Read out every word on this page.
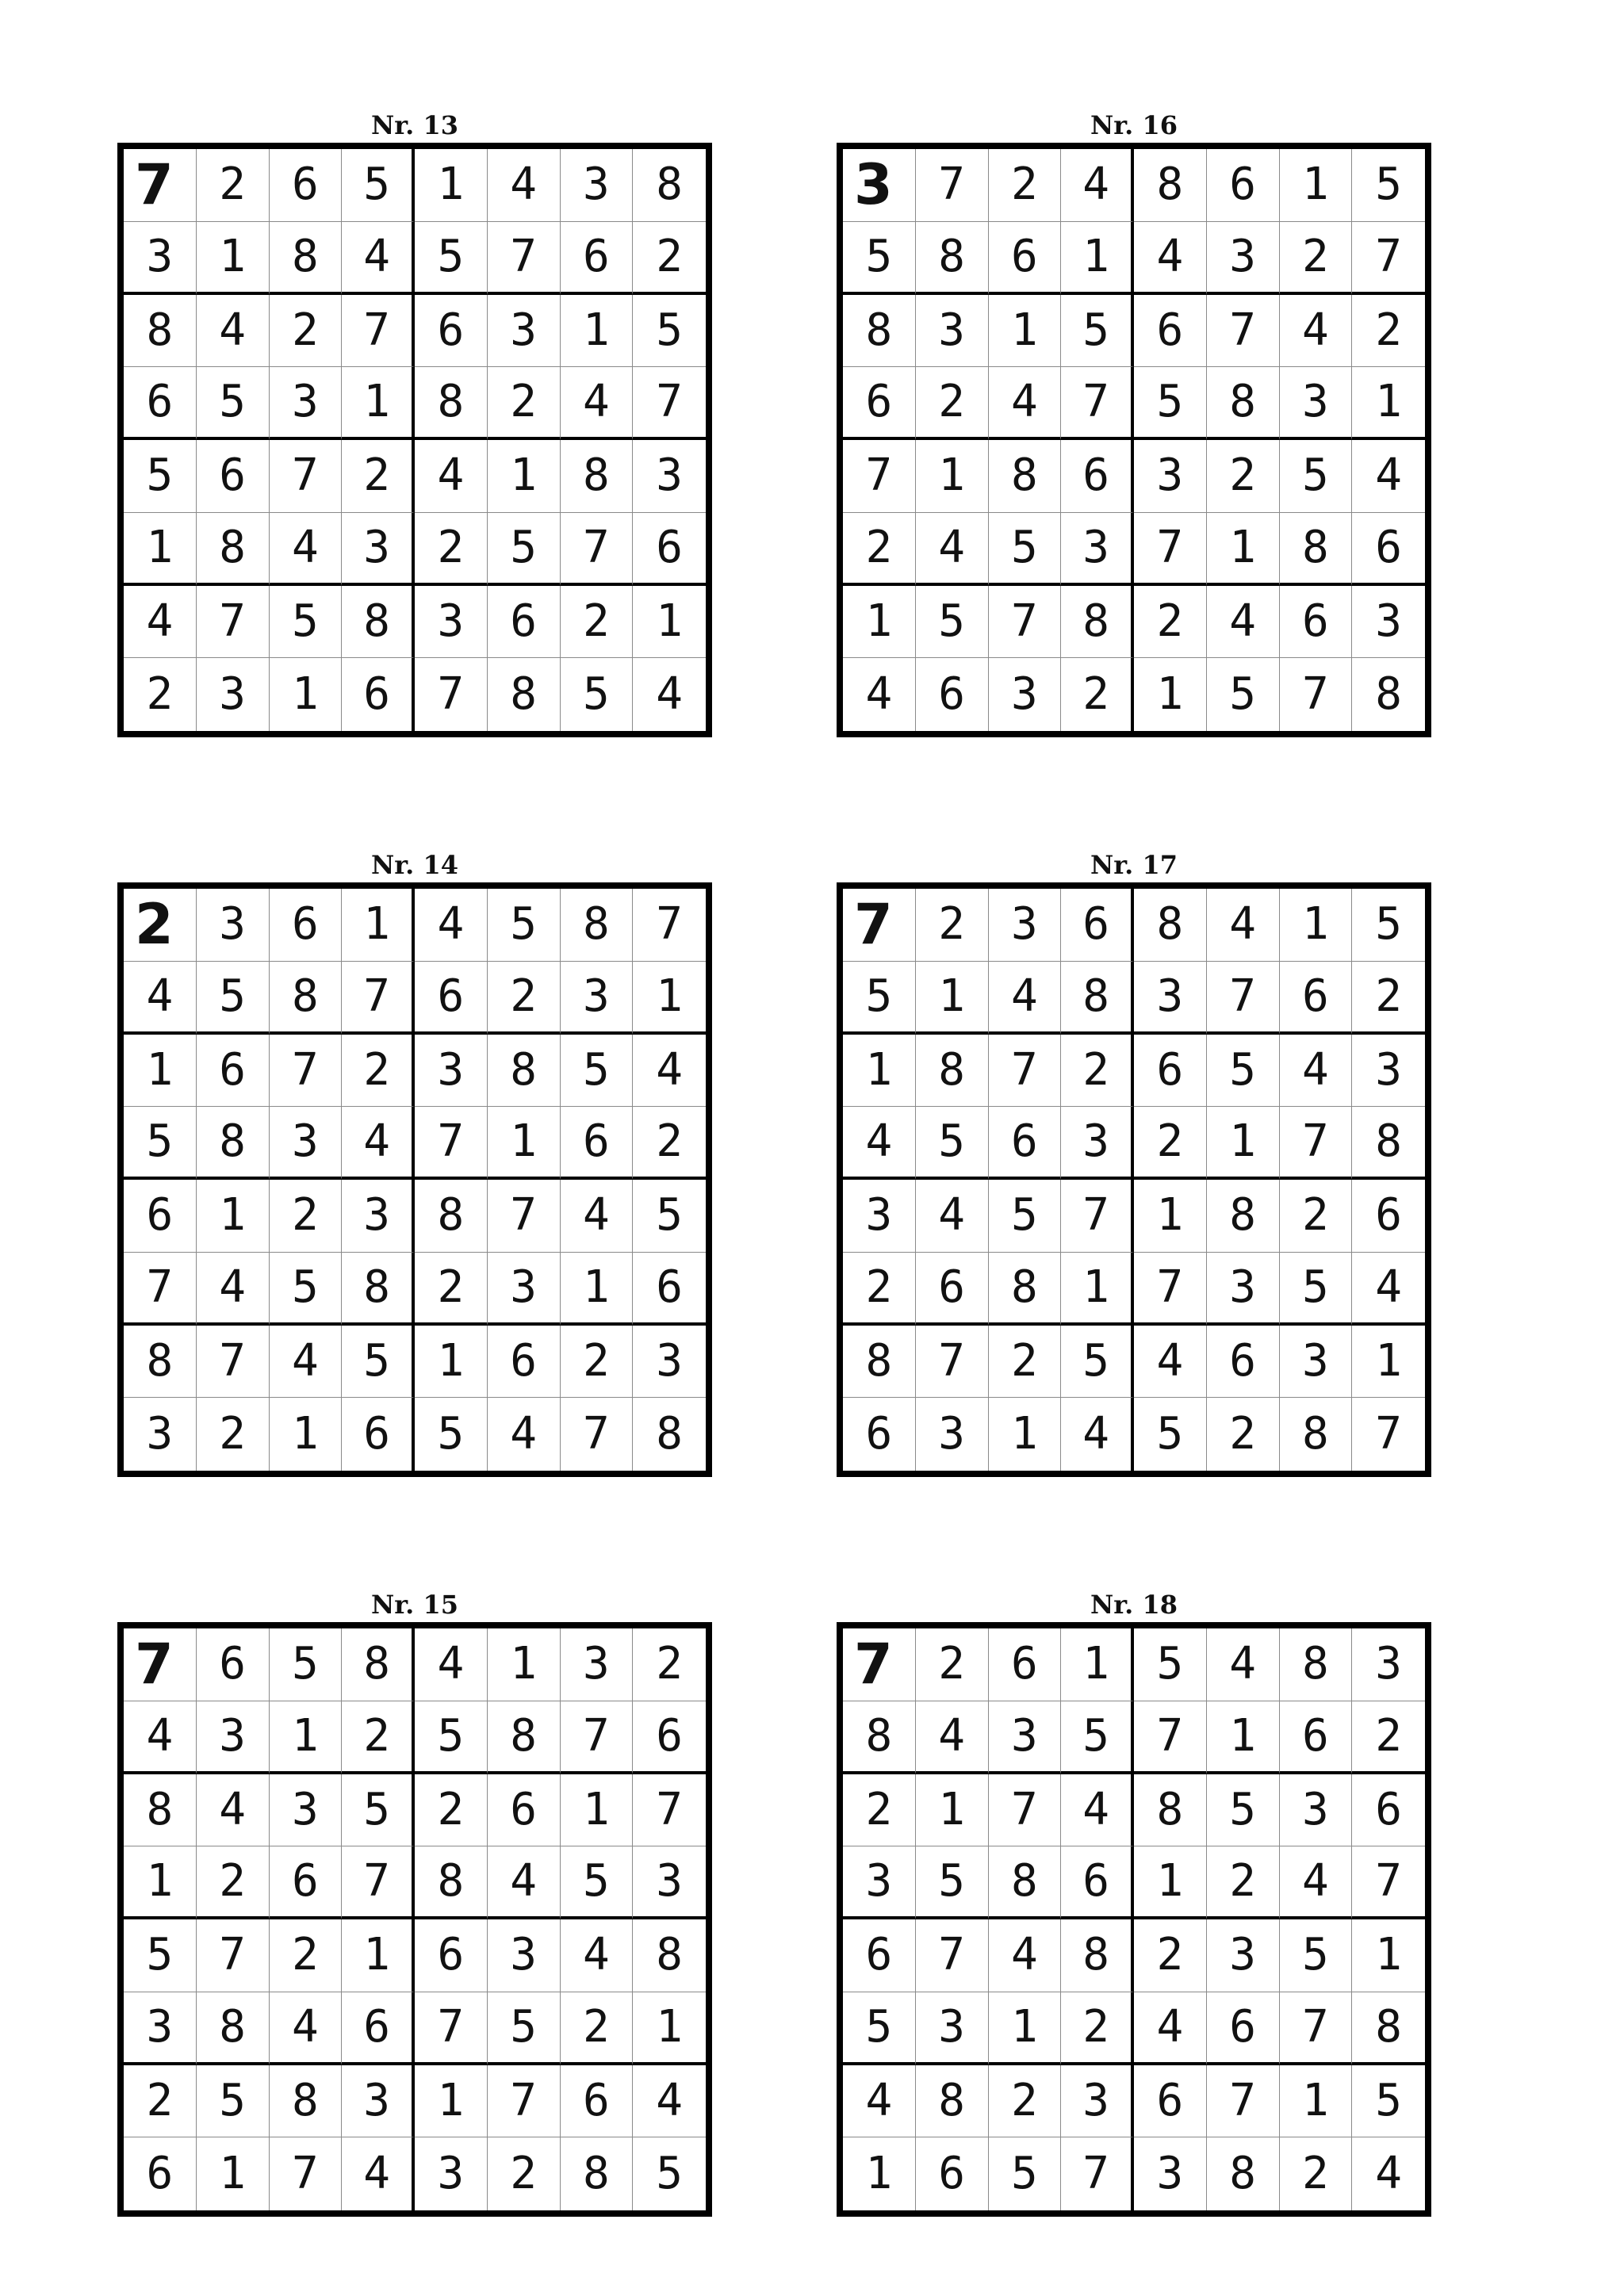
Nr. 13
7	2	6	5	1	4	3	8
3	1	8	4	5	7	6	2
8	4	2	7	6	3	1	5
6	5	3	1	8	2	4	7
5	6	7	2	4	1	8	3
1	8	4	3	2	5	7	6
4	7	5	8	3	6	2	1
2	3	1	6	7	8	5	4
Nr. 16
3	7	2	4	8	6	1	5
5	8	6	1	4	3	2	7
8	3	1	5	6	7	4	2
6	2	4	7	5	8	3	1
7	1	8	6	3	2	5	4
2	4	5	3	7	1	8	6
1	5	7	8	2	4	6	3
4	6	3	2	1	5	7	8
Nr. 14
2	3	6	1	4	5	8	7
4	5	8	7	6	2	3	1
1	6	7	2	3	8	5	4
5	8	3	4	7	1	6	2
6	1	2	3	8	7	4	5
7	4	5	8	2	3	1	6
8	7	4	5	1	6	2	3
3	2	1	6	5	4	7	8
Nr. 17
7	2	3	6	8	4	1	5
5	1	4	8	3	7	6	2
1	8	7	2	6	5	4	3
4	5	6	3	2	1	7	8
3	4	5	7	1	8	2	6
2	6	8	1	7	3	5	4
8	7	2	5	4	6	3	1
6	3	1	4	5	2	8	7
Nr. 15
7	6	5	8	4	1	3	2
4	3	1	2	5	8	7	6
8	4	3	5	2	6	1	7
1	2	6	7	8	4	5	3
5	7	2	1	6	3	4	8
3	8	4	6	7	5	2	1
2	5	8	3	1	7	6	4
6	1	7	4	3	2	8	5
Nr. 18
7	2	6	1	5	4	8	3
8	4	3	5	7	1	6	2
2	1	7	4	8	5	3	6
3	5	8	6	1	2	4	7
6	7	4	8	2	3	5	1
5	3	1	2	4	6	7	8
4	8	2	3	6	7	1	5
1	6	5	7	3	8	2	4
